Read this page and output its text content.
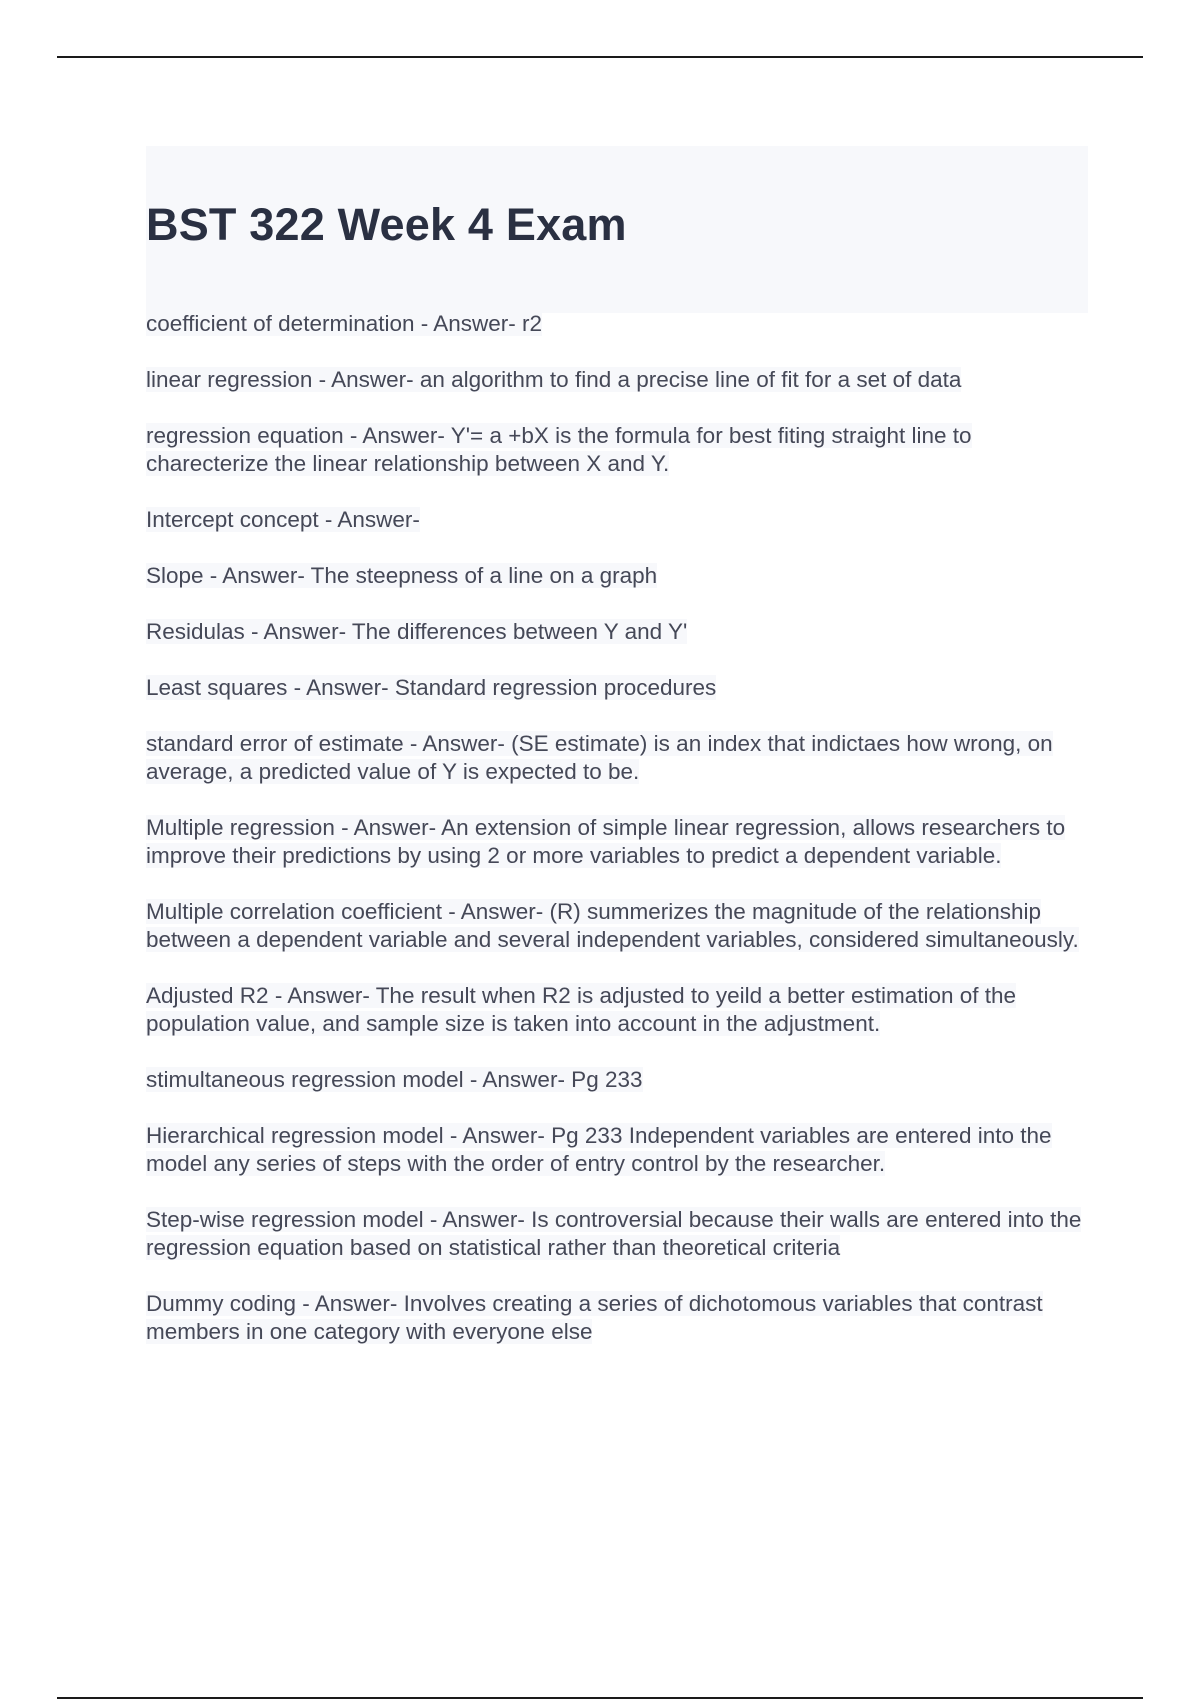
BST 322 Week 4 Exam

coefficient of determination - Answer- r2

linear regression - Answer- an algorithm to find a precise line of fit for a set of data

regression equation - Answer- Y'= a +bX is the formula for best fiting straight line to charecterize the linear relationship between X and Y.

Intercept concept - Answer-

Slope - Answer- The steepness of a line on a graph

Residulas - Answer- The differences between Y and Y'

Least squares - Answer- Standard regression procedures

standard error of estimate - Answer- (SE estimate) is an index that indictaes how wrong, on average, a predicted value of Y is expected to be.

Multiple regression - Answer- An extension of simple linear regression, allows researchers to improve their predictions by using 2 or more variables to predict a dependent variable.

Multiple correlation coefficient - Answer- (R) summerizes the magnitude of the relationship between a dependent variable and several independent variables, considered simultaneously.

Adjusted R2 - Answer- The result when R2 is adjusted to yeild a better estimation of the population value, and sample size is taken into account in the adjustment.

stimultaneous regression model - Answer- Pg 233

Hierarchical regression model - Answer- Pg 233 Independent variables are entered into the model any series of steps with the order of entry control by the researcher.

Step-wise regression model - Answer- Is controversial because their walls are entered into the regression equation based on statistical rather than theoretical criteria

Dummy coding - Answer- Involves creating a series of dichotomous variables that contrast members in one category with everyone else
